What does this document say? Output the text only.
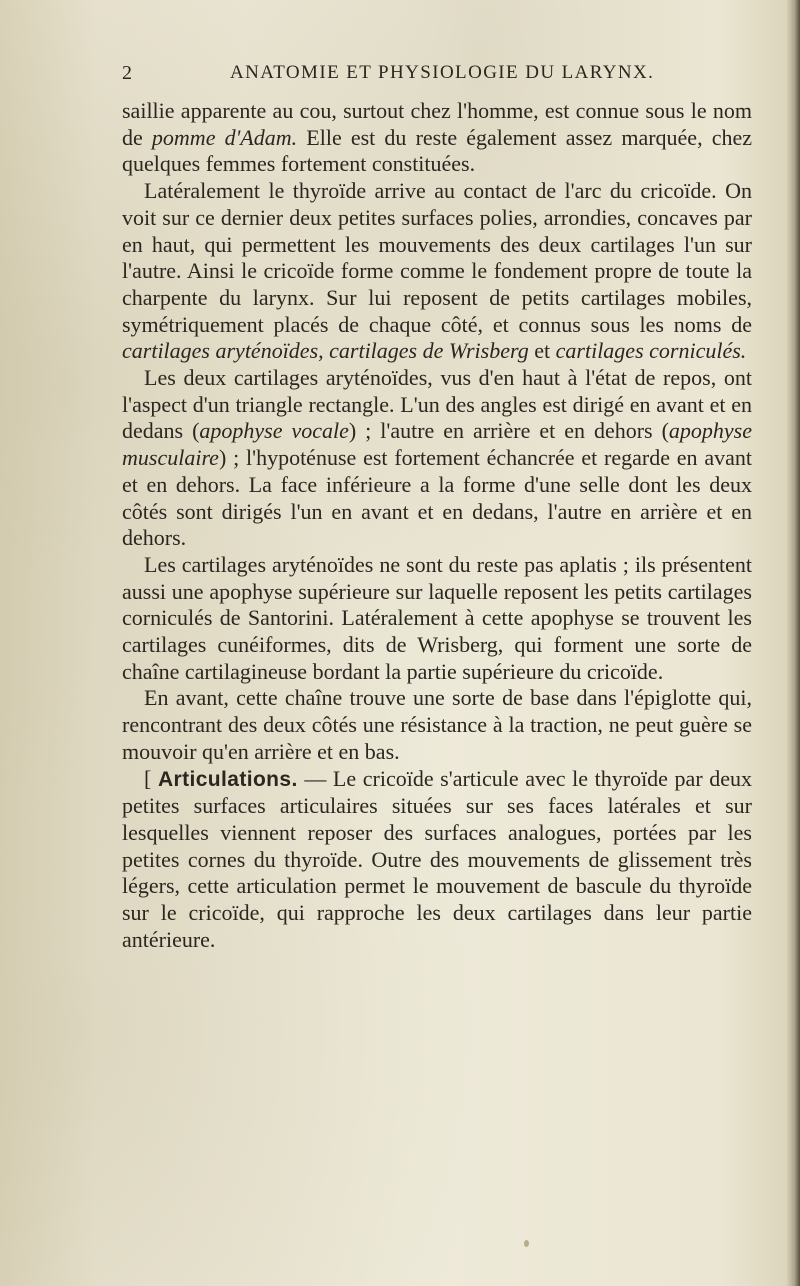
2	ANATOMIE ET PHYSIOLOGIE DU LARYNX.

saillie apparente au cou, surtout chez l'homme, est connue sous le nom de pomme d'Adam. Elle est du reste également assez marquée, chez quelques femmes fortement constituées.

Latéralement le thyroïde arrive au contact de l'arc du cricoïde. On voit sur ce dernier deux petites surfaces polies, arrondies, concaves par en haut, qui permettent les mouvements des deux cartilages l'un sur l'autre. Ainsi le cricoïde forme comme le fondement propre de toute la charpente du larynx. Sur lui reposent de petits cartilages mobiles, symétriquement placés de chaque côté, et connus sous les noms de cartilages aryténoïdes, cartilages de Wrisberg et cartilages corniculés.

Les deux cartilages aryténoïdes, vus d'en haut à l'état de repos, ont l'aspect d'un triangle rectangle. L'un des angles est dirigé en avant et en dedans (apophyse vocale) ; l'autre en arrière et en dehors (apophyse musculaire) ; l'hypoténuse est fortement échancrée et regarde en avant et en dehors. La face inférieure a la forme d'une selle dont les deux côtés sont dirigés l'un en avant et en dedans, l'autre en arrière et en dehors.

Les cartilages aryténoïdes ne sont du reste pas aplatis ; ils présentent aussi une apophyse supérieure sur laquelle reposent les petits cartilages corniculés de Santorini. Latéralement à cette apophyse se trouvent les cartilages cunéiformes, dits de Wrisberg, qui forment une sorte de chaîne cartilagineuse bordant la partie supérieure du cricoïde.

En avant, cette chaîne trouve une sorte de base dans l'épiglotte qui, rencontrant des deux côtés une résistance à la traction, ne peut guère se mouvoir qu'en arrière et en bas.

[ Articulations. — Le cricoïde s'articule avec le thyroïde par deux petites surfaces articulaires situées sur ses faces latérales et sur lesquelles viennent reposer des surfaces analogues, portées par les petites cornes du thyroïde. Outre des mouvements de glissement très légers, cette articulation permet le mouvement de bascule du thyroïde sur le cricoïde, qui rapproche les deux cartilages dans leur partie antérieure.
